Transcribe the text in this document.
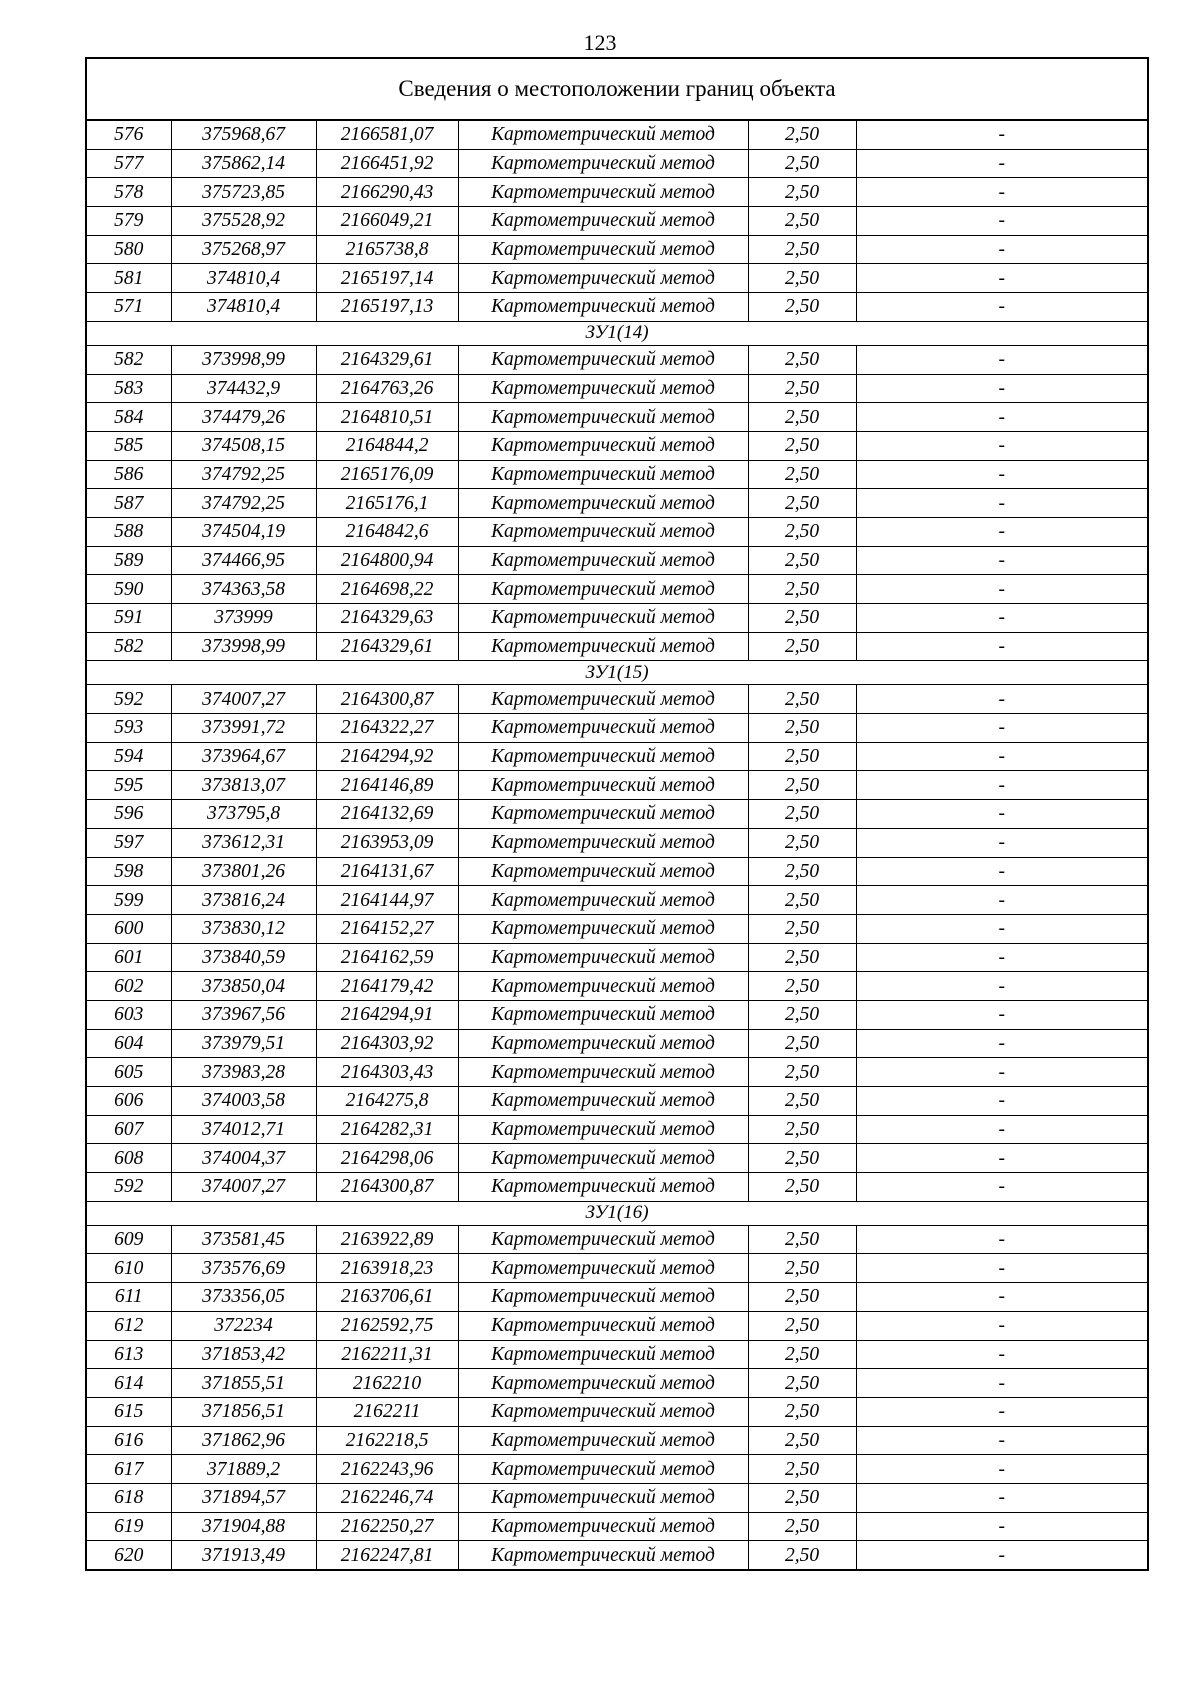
123
Сведения о местоположении границ объекта					
576	375968,67	2166581,07	Картометрический метод	2,50	-
577	375862,14	2166451,92	Картометрический метод	2,50	-
578	375723,85	2166290,43	Картометрический метод	2,50	-
579	375528,92	2166049,21	Картометрический метод	2,50	-
580	375268,97	2165738,8	Картометрический метод	2,50	-
581	374810,4	2165197,14	Картометрический метод	2,50	-
571	374810,4	2165197,13	Картометрический метод	2,50	-
ЗУ1(14)					
582	373998,99	2164329,61	Картометрический метод	2,50	-
583	374432,9	2164763,26	Картометрический метод	2,50	-
584	374479,26	2164810,51	Картометрический метод	2,50	-
585	374508,15	2164844,2	Картометрический метод	2,50	-
586	374792,25	2165176,09	Картометрический метод	2,50	-
587	374792,25	2165176,1	Картометрический метод	2,50	-
588	374504,19	2164842,6	Картометрический метод	2,50	-
589	374466,95	2164800,94	Картометрический метод	2,50	-
590	374363,58	2164698,22	Картометрический метод	2,50	-
591	373999	2164329,63	Картометрический метод	2,50	-
582	373998,99	2164329,61	Картометрический метод	2,50	-
ЗУ1(15)					
592	374007,27	2164300,87	Картометрический метод	2,50	-
593	373991,72	2164322,27	Картометрический метод	2,50	-
594	373964,67	2164294,92	Картометрический метод	2,50	-
595	373813,07	2164146,89	Картометрический метод	2,50	-
596	373795,8	2164132,69	Картометрический метод	2,50	-
597	373612,31	2163953,09	Картометрический метод	2,50	-
598	373801,26	2164131,67	Картометрический метод	2,50	-
599	373816,24	2164144,97	Картометрический метод	2,50	-
600	373830,12	2164152,27	Картометрический метод	2,50	-
601	373840,59	2164162,59	Картометрический метод	2,50	-
602	373850,04	2164179,42	Картометрический метод	2,50	-
603	373967,56	2164294,91	Картометрический метод	2,50	-
604	373979,51	2164303,92	Картометрический метод	2,50	-
605	373983,28	2164303,43	Картометрический метод	2,50	-
606	374003,58	2164275,8	Картометрический метод	2,50	-
607	374012,71	2164282,31	Картометрический метод	2,50	-
608	374004,37	2164298,06	Картометрический метод	2,50	-
592	374007,27	2164300,87	Картометрический метод	2,50	-
ЗУ1(16)					
609	373581,45	2163922,89	Картометрический метод	2,50	-
610	373576,69	2163918,23	Картометрический метод	2,50	-
611	373356,05	2163706,61	Картометрический метод	2,50	-
612	372234	2162592,75	Картометрический метод	2,50	-
613	371853,42	2162211,31	Картометрический метод	2,50	-
614	371855,51	2162210	Картометрический метод	2,50	-
615	371856,51	2162211	Картометрический метод	2,50	-
616	371862,96	2162218,5	Картометрический метод	2,50	-
617	371889,2	2162243,96	Картометрический метод	2,50	-
618	371894,57	2162246,74	Картометрический метод	2,50	-
619	371904,88	2162250,27	Картометрический метод	2,50	-
620	371913,49	2162247,81	Картометрический метод	2,50	-
